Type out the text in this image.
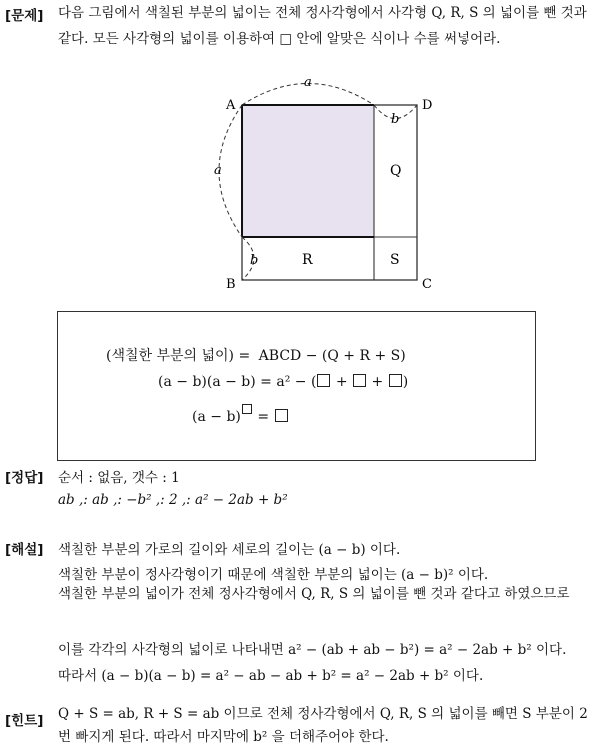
[문제] 다음 그림에서 색칠된 부분의 넓이는 전체 정사각형에서 사각형 Q, R, S 의 넓이를 뺀 것과 같다. 모든 사각형의 넓이를 이용하여 □ 안에 알맞은 식이나 수를 써넣어라.
A	D
B	C
a
a
b
b
Q
R	S
(색칠한 부분의 넓이) = ABCD − (Q + R + S)
(a − b)(a − b) = a² − ( + + )
(a − b) =
[정답] 순서 : 없음, 갯수 : 1
ab ,: ab ,: −b² ,: 2 ,: a² − 2ab + b²
[해설] 색칠한 부분의 가로의 길이와 세로의 길이는 (a − b) 이다.
색칠한 부분이 정사각형이기 때문에 색칠한 부분의 넓이는 (a − b)² 이다.
색칠한 부분의 넓이가 전체 정사각형에서 Q, R, S 의 넓이를 뺀 것과 같다고 하였으므로
이를 각각의 사각형의 넓이로 나타내면 a² − (ab + ab − b²) = a² − 2ab + b² 이다.
따라서 (a − b)(a − b) = a² − ab − ab + b² = a² − 2ab + b² 이다.
[힌트] Q + S = ab, R + S = ab 이므로 전체 정사각형에서 Q, R, S 의 넓이를 빼면 S 부분이 2 번 빠지게 된다. 따라서 마지막에 b² 을 더해주어야 한다.
